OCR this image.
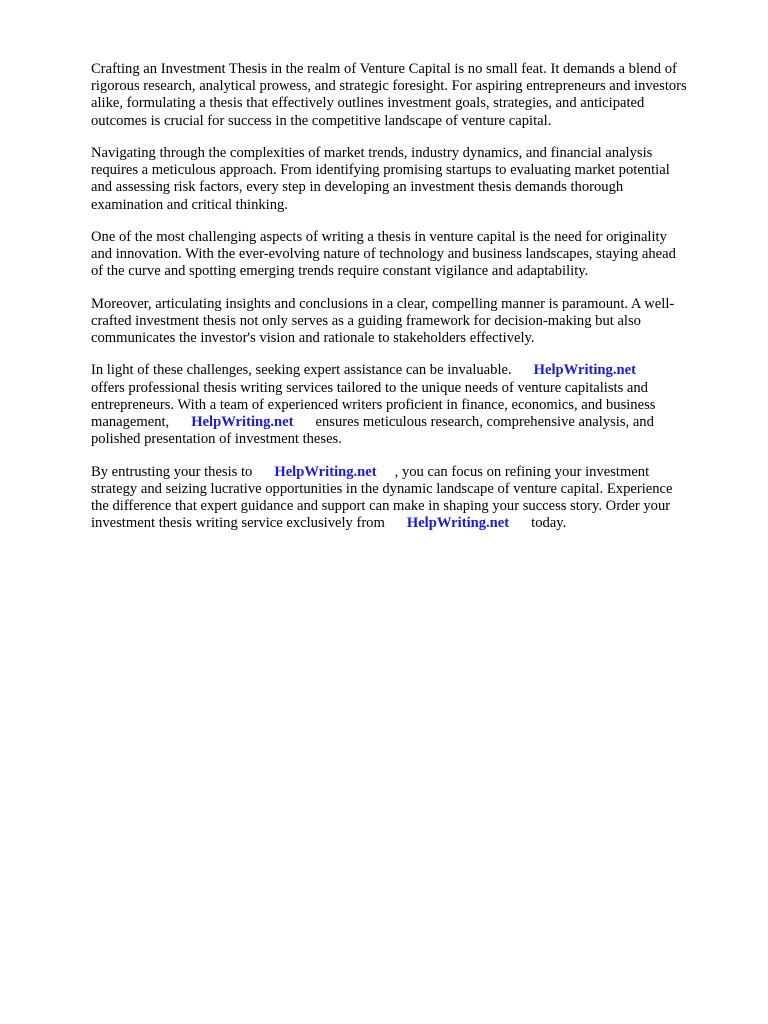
Crafting an Investment Thesis in the realm of Venture Capital is no small feat. It demands a blend of
rigorous research, analytical prowess, and strategic foresight. For aspiring entrepreneurs and investors
alike, formulating a thesis that effectively outlines investment goals, strategies, and anticipated
outcomes is crucial for success in the competitive landscape of venture capital.

Navigating through the complexities of market trends, industry dynamics, and financial analysis
requires a meticulous approach. From identifying promising startups to evaluating market potential
and assessing risk factors, every step in developing an investment thesis demands thorough
examination and critical thinking.

One of the most challenging aspects of writing a thesis in venture capital is the need for originality
and innovation. With the ever-evolving nature of technology and business landscapes, staying ahead
of the curve and spotting emerging trends require constant vigilance and adaptability.

Moreover, articulating insights and conclusions in a clear, compelling manner is paramount. A well-
crafted investment thesis not only serves as a guiding framework for decision-making but also
communicates the investor's vision and rationale to stakeholders effectively.

In light of these challenges, seeking expert assistance can be invaluable. HelpWriting.net
offers professional thesis writing services tailored to the unique needs of venture capitalists and
entrepreneurs. With a team of experienced writers proficient in finance, economics, and business
management, HelpWriting.net ensures meticulous research, comprehensive analysis, and
polished presentation of investment theses.

By entrusting your thesis to HelpWriting.net , you can focus on refining your investment
strategy and seizing lucrative opportunities in the dynamic landscape of venture capital. Experience
the difference that expert guidance and support can make in shaping your success story. Order your
investment thesis writing service exclusively from HelpWriting.net today.
